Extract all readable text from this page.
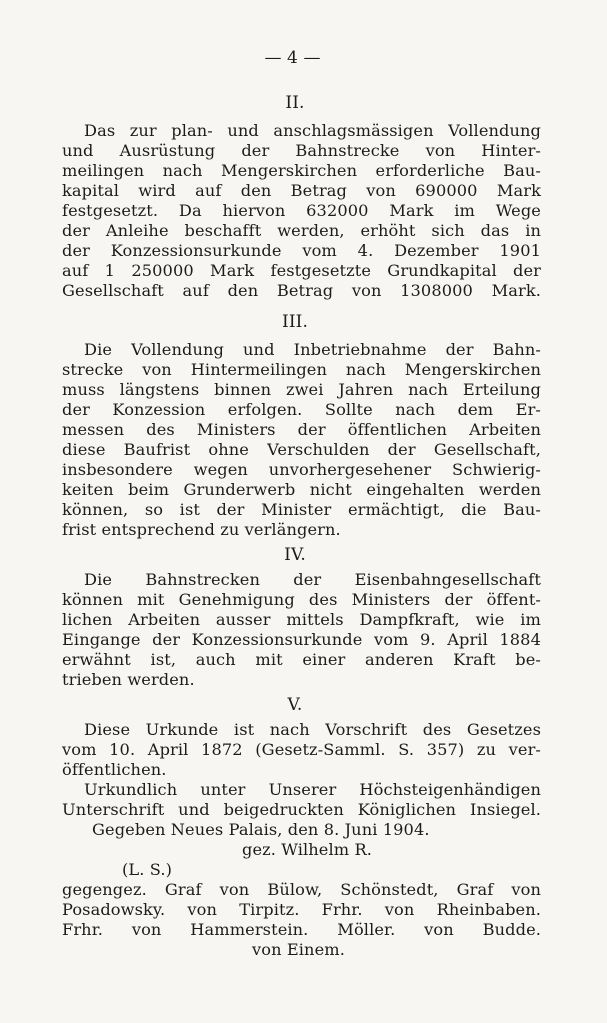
— 4 —
II.
Das zur plan- und anschlagsmässigen Vollendung
und Ausrüstung der Bahnstrecke von Hinter-
meilingen nach Mengerskirchen erforderliche Bau-
kapital wird auf den Betrag von 690000 Mark
festgesetzt. Da hiervon 632000 Mark im Wege
der Anleihe beschafft werden, erhöht sich das in
der Konzessionsurkunde vom 4. Dezember 1901
auf 1 250000 Mark festgesetzte Grundkapital der
Gesellschaft auf den Betrag von 1308000 Mark.
III.
Die Vollendung und Inbetriebnahme der Bahn-
strecke von Hintermeilingen nach Mengerskirchen
muss längstens binnen zwei Jahren nach Erteilung
der Konzession erfolgen. Sollte nach dem Er-
messen des Ministers der öffentlichen Arbeiten
diese Baufrist ohne Verschulden der Gesellschaft,
insbesondere wegen unvorhergesehener Schwierig-
keiten beim Grunderwerb nicht eingehalten werden
können, so ist der Minister ermächtigt, die Bau-
frist entsprechend zu verlängern.
IV.
Die Bahnstrecken der Eisenbahngesellschaft
können mit Genehmigung des Ministers der öffent-
lichen Arbeiten ausser mittels Dampfkraft, wie im
Eingange der Konzessionsurkunde vom 9. April 1884
erwähnt ist, auch mit einer anderen Kraft be-
trieben werden.
V.
Diese Urkunde ist nach Vorschrift des Gesetzes
vom 10. April 1872 (Gesetz-Samml. S. 357) zu ver-
öffentlichen.
Urkundlich unter Unserer Höchsteigenhändigen
Unterschrift und beigedruckten Königlichen Insiegel.
Gegeben Neues Palais, den 8. Juni 1904.
gez. Wilhelm R.
(L. S.)
gegengez. Graf von Bülow, Schönstedt, Graf von
Posadowsky. von Tirpitz. Frhr. von Rheinbaben.
Frhr. von Hammerstein. Möller. von Budde.
von Einem.
